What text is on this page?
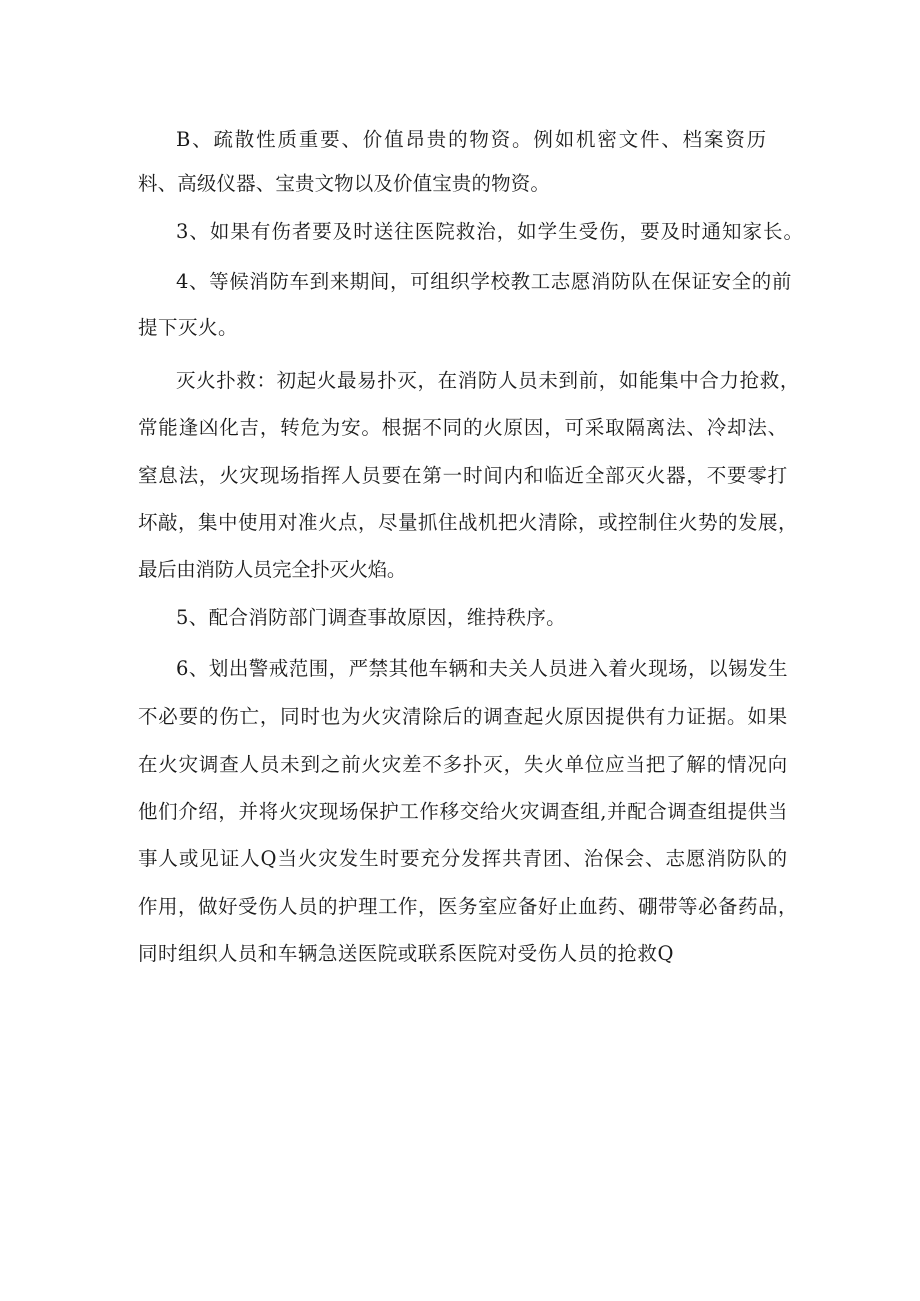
B、疏散性质重要、价值昂贵的物资。例如机密文件、档案资历
料、高级仪器、宝贵文物以及价值宝贵的物资。
3、如果有伤者要及时送往医院救治，如学生受伤，要及时通知家长。
4、等候消防车到来期间，可组织学校教工志愿消防队在保证安全的前
提下灭火。
灭火扑救：初起火最易扑灭，在消防人员未到前，如能集中合力抢救，
常能逢凶化吉，转危为安。根据不同的火原因，可采取隔离法、冷却法、
窒息法，火灾现场指挥人员要在第一时间内和临近全部灭火器，不要零打
坏敲，集中使用对准火点，尽量抓住战机把火清除，或控制住火势的发展，
最后由消防人员完全扑灭火焰。
5、配合消防部门调查事故原因，维持秩序。
6、划出警戒范围，严禁其他车辆和夫关人员进入着火现场，以锡发生
不必要的伤亡，同时也为火灾清除后的调查起火原因提供有力证据。如果
在火灾调查人员未到之前火灾差不多扑灭，失火单位应当把了解的情况向
他们介绍，并将火灾现场保护工作移交给火灾调查组,并配合调查组提供当
事人或见证人Q当火灾发生时要充分发挥共青团、治保会、志愿消防队的
作用，做好受伤人员的护理工作，医务室应备好止血药、硼带等必备药品，
同时组织人员和车辆急送医院或联系医院对受伤人员的抢救Q
